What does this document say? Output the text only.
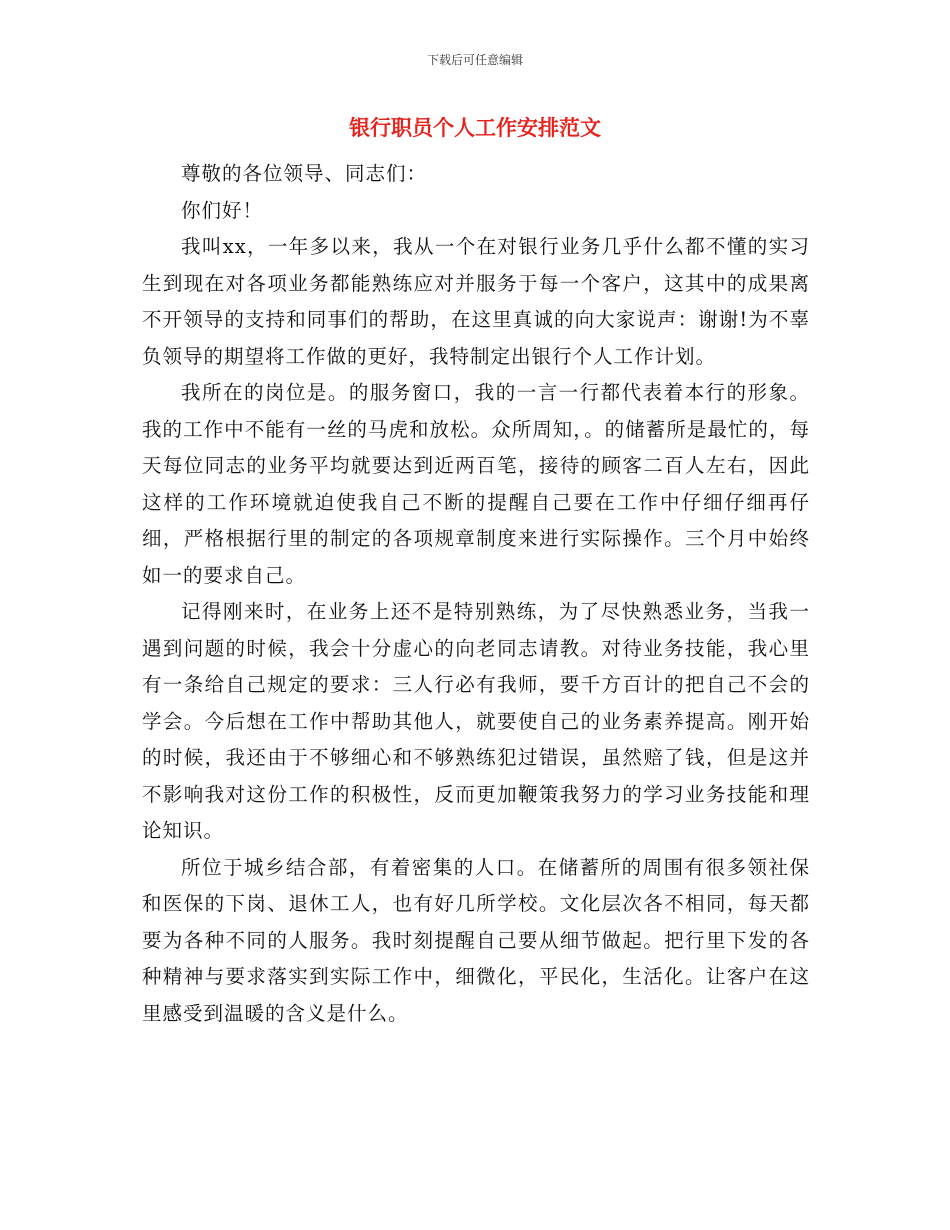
下载后可任意编辑
银行职员个人工作安排范文

尊敬的各位领导、同志们：

你们好！

我叫xx，一年多以来，我从一个在对银行业务几乎什么都不懂的实习生到现在对各项业务都能熟练应对并服务于每一个客户，这其中的成果离不开领导的支持和同事们的帮助，在这里真诚的向大家说声：谢谢!为不辜负领导的期望将工作做的更好，我特制定出银行个人工作计划。

我所在的岗位是。的服务窗口，我的一言一行都代表着本行的形象。我的工作中不能有一丝的马虎和放松。众所周知，。的储蓄所是最忙的，每天每位同志的业务平均就要达到近两百笔，接待的顾客二百人左右，因此这样的工作环境就迫使我自己不断的提醒自己要在工作中仔细仔细再仔细，严格根据行里的制定的各项规章制度来进行实际操作。三个月中始终如一的要求自己。

记得刚来时，在业务上还不是特别熟练，为了尽快熟悉业务，当我一遇到问题的时候，我会十分虚心的向老同志请教。对待业务技能，我心里有一条给自己规定的要求：三人行必有我师，要千方百计的把自己不会的学会。今后想在工作中帮助其他人，就要使自己的业务素养提高。刚开始的时候，我还由于不够细心和不够熟练犯过错误，虽然赔了钱，但是这并不影响我对这份工作的积极性，反而更加鞭策我努力的学习业务技能和理论知识。

所位于城乡结合部，有着密集的人口。在储蓄所的周围有很多领社保和医保的下岗、退休工人，也有好几所学校。文化层次各不相同，每天都要为各种不同的人服务。我时刻提醒自己要从细节做起。把行里下发的各种精神与要求落实到实际工作中，细微化，平民化，生活化。让客户在这里感受到温暖的含义是什么。
